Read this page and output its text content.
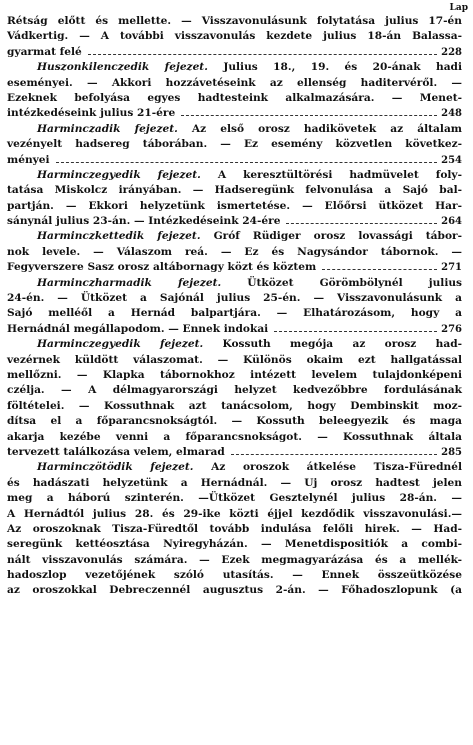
Lap
Rétság előtt és mellette. — Visszavonulásunk folytatása julius 17-én
Vádkertig. — A további visszavonulás kezdete julius 18-án Balassa-
gyarmat felé	228
Huszonkilenczedik fejezet. Julius 18., 19. és 20-ának hadi
eseményei. — Akkori hozzávetéseink az ellenség haditervéről. —
Ezeknek befolyása egyes hadtesteink alkalmazására. — Menet-
intézkedéseink julius 21-ére	248
Harminczadik fejezet. Az első orosz hadikövetek az általam
vezényelt hadsereg táborában. — Ez esemény közvetlen következ-
ményei	254
Harminczegyedik fejezet. A keresztültörési hadmüvelet foly-
tatása Miskolcz irányában. — Hadseregünk felvonulása a Sajó bal-
partján. — Ekkori helyzetünk ismertetése. — Előőrsi ütközet Har-
sánynál julius 23-án. — Intézkedéseink 24-ére	264
Harminczkettedik fejezet. Gróf Rüdiger orosz lovassági tábor-
nok levele. — Válaszom reá. — Ez és Nagysándor tábornok. —
Fegyverszere Sasz orosz altábornagy közt és köztem	271
Harminczharmadik fejezet. Ütközet Görömbölynél julius
24-én. — Ütközet a Sajónál julius 25-én. — Visszavonulásunk a
Sajó melléől a Hernád balpartjára. — Elhatározásom, hogy a
Hernádnál megállapodom. — Ennek indokai	276
Harminczegyedik fejezet. Kossuth megója az orosz had-
vezérnek küldött válaszomat. — Különös okaim ezt hallgatással
mellőzni. — Klapka tábornokhoz intézett levelem tulajdonképeni
czélja. — A délmagyarországi helyzet kedvezőbbre fordulásának
föltételei. — Kossuthnak azt tanácsolom, hogy Dembinskit moz-
dítsa el a főparancsnokságtól. — Kossuth beleegyezik és maga
akarja kezébe venni a főparancsnokságot. — Kossuthnak általa
tervezett találkozása velem, elmarad	285
Harminczötödik fejezet. Az oroszok átkelése Tisza-Fürednél
és hadászati helyzetünk a Hernádnál. — Uj orosz hadtest jelen
meg a háború szinterén. —Ütközet Gesztelynél julius 28-án. —
A Hernádtól julius 28. és 29-ike közti éjjel kezdődik visszavonulási.—
Az oroszoknak Tisza-Füredtől tovább indulása felőli hirek. — Had-
seregünk kettéosztása Nyiregyházán. — Menetdispositiók a combi-
nált visszavonulás számára. — Ezek megmagyarázása és a mellék-
hadoszlop vezetőjének szóló utasítás. — Ennek összeütközése
az oroszokkal Debreczennél augusztus 2-án. — Főhadoszlopunk (a
